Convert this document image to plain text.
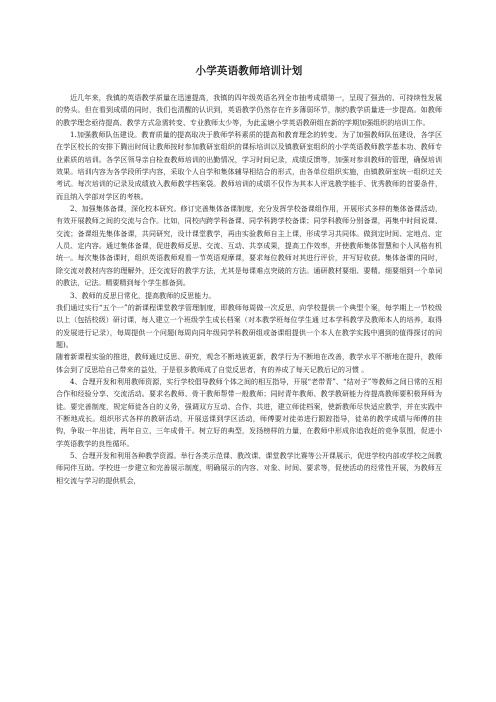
小学英语教师培训计划

近几年来，我镇的英语教学质量在迅速提高，我镇的四年级英语名列全市抽考成绩第一，呈现了强劲的、可持续性发展的势头。但在看到成绩的同时，我们也清醒的认识到，英语教学仍然存在许多薄弱环节，制约教学质量进一步提高。如教师的教学理念亟待提高、教学方式急需转变、专业教师太少等，为此孟塘小学英语教研组在新的学期加强组织的培训工作。

1.加强教师队伍建设。教育质量的提高取决于教师学科素质的提高和教育理念的转变。为了加强教师队伍建设，各学区在学区校长的安排下腾出时间让教师按时参加教研室组织的课标培训以及镇教研室组织的小学英语教师教学基本功、教师专业素质的培训。各学区领导亲自检查教师培训的出勤情况，学习时间记录，成绩反馈等，加强对参训教师的管理，确保培训效果。培训内容为各学段所学内容，采取个人自学和集体辅导相结合的形式，由各单位组织实施，由镇教研室统一组织过关考试。每次培训的记录及成绩放入教师教学档案袋。教师培训的成绩不仅作为其本人评选教学能手、优秀教师的首要条件，而且纳入学部对学区的考核。

2、加强集体备课，深化校本研究。修订完善集体备课制度，充分发挥学校备课组作用，开展形式多样的集体备课活动，有效开展教师之间的交流与合作。比如，同校内跨学科备课、同学科跨学校备课；同学科教师分别备课，再集中时间说课、交流；备课组先集体备课，共同研究，设计课堂教学，再由实验教师自主上课，形成学习共同体。做到定时间、定地点、定人员、定内容。通过集体备课，促进教师反思、交流、互动、共享成果，提高工作效率，并使教师集体智慧和个人风格有机统一。每次集体备课时，组织英语教师观看一节英语观摩课，要求每位教师对其进行评价，并写好收获。集体备课的同时，除交流对教材内容的理解外，还交流好的教学方法，尤其是每课难点突破的方法。通研教材要细、要精。细要细到一个单词的教法，记法。精要精到每个学生都备到。

3、教师的反思日常化，提高教师的反思能力。

我们通过实行“五个一”的新课程课堂教学管理制度，即教师每周做一次反思，向学校提供一个典型个案，每学期上一节校级以上（包括校级）研讨课，每人建立一个班级学生成长档案（对本教学班每位学生通 过本学科教学及教师本人的培养，取得的发展进行记录），每周提供一个问题(每周向同年级同学科教研组或备课组提供一个本人在教学实践中遇到的值得探讨的问题)。

随着新课程实验的推进，教师通过反思、研究，观念不断地被更新，教学行为不断地在改善，教学水平不断地在提升，教师体会到了反思给自己带来的益处，于是很多教师成了自觉反思者，有的养成了每天记教后记的习惯 。

4、合理开发和利用教师资源，实行学校倡导教师个体之间的相互指导，开展“老带青”、“结对子”等教师之间日常的互相合作和经验分享、交流活动。要求名教师、骨干教师帮带一般教师；同时青年教师、教学教研能力待提高教师要积极拜师为徒。要完善制度，规定师徒各自的义务，强调双方互动、合作、共进，建立师徒档案，使新教师尽快适应教学，并在实践中不断地成长。组织形式各样的教研活动，开展送课到学区活动，师傅要对徒弟进行跟踪指导，徒弟的教学成绩与师傅的挂钩，争取一年出徒，两年自立，三年成骨干。树立好的典型，发扬榜样的力量，在教师中形成你追我赶的竞争氛围，促进小学英语教学的良性循环。

5、合理开发和利用各种教学资源。举行各类示范课、教改课、课堂教学比赛等公开课展示，促进学校内部或学校之间教师同伴互助。学校进一步建立和完善展示制度，明确展示的内容、对象、时间、要求等，促使活动的经常性开展，为教师互相交流与学习的提供机会，
